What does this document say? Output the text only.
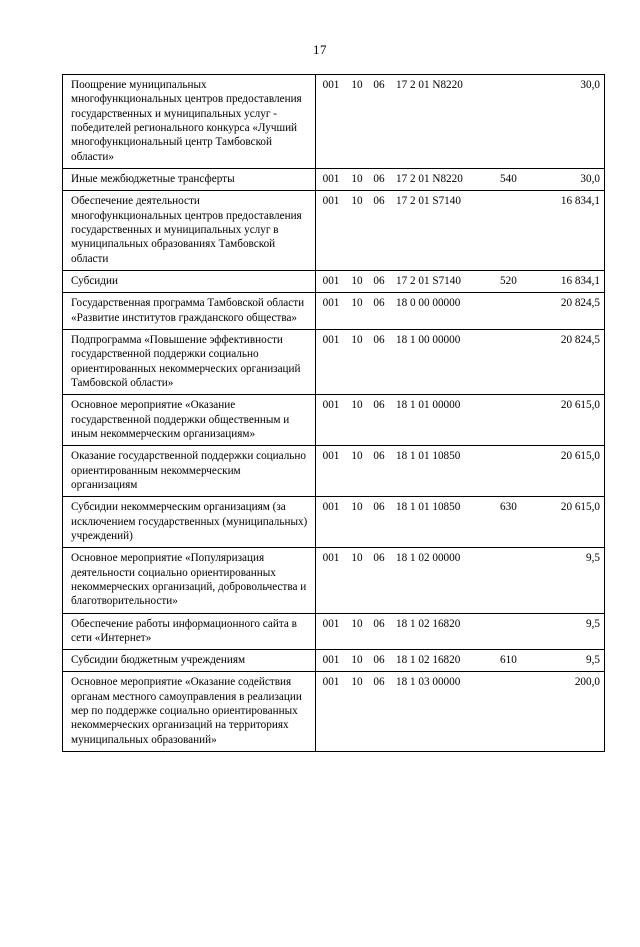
17
Поощрение муниципальных многофункциональных центров предоставления государственных и муниципальных услуг - победителей регионального конкурса «Лучший многофункциональный центр Тамбовской области»	001	10	06	17 2 01 N8220		30,0
Иные межбюджетные трансферты	001	10	06	17 2 01 N8220	540	30,0
Обеспечение деятельности многофункциональных центров предоставления государственных и муниципальных услуг в муниципальных образованиях Тамбовской области	001	10	06	17 2 01 S7140		16 834,1
Субсидии	001	10	06	17 2 01 S7140	520	16 834,1
Государственная программа Тамбовской области «Развитие институтов гражданского общества»	001	10	06	18 0 00 00000		20 824,5
Подпрограмма «Повышение эффективности государственной поддержки социально ориентированных некоммерческих организаций Тамбовской области»	001	10	06	18 1 00 00000		20 824,5
Основное мероприятие «Оказание государственной поддержки общественным и иным некоммерческим организациям»	001	10	06	18 1 01 00000		20 615,0
Оказание государственной поддержки социально ориентированным некоммерческим организациям	001	10	06	18 1 01 10850		20 615,0
Субсидии некоммерческим организациям (за исключением государственных (муниципальных) учреждений)	001	10	06	18 1 01 10850	630	20 615,0
Основное мероприятие «Популяризация деятельности социально ориентированных некоммерческих организаций, добровольчества и благотворительности»	001	10	06	18 1 02 00000		9,5
Обеспечение работы информационного сайта в сети «Интернет»	001	10	06	18 1 02 16820		9,5
Субсидии бюджетным учреждениям	001	10	06	18 1 02 16820	610	9,5
Основное мероприятие «Оказание содействия органам местного самоуправления в реализации мер по поддержке социально ориентированных некоммерческих организаций на территориях муниципальных образований»	001	10	06	18 1 03 00000		200,0
